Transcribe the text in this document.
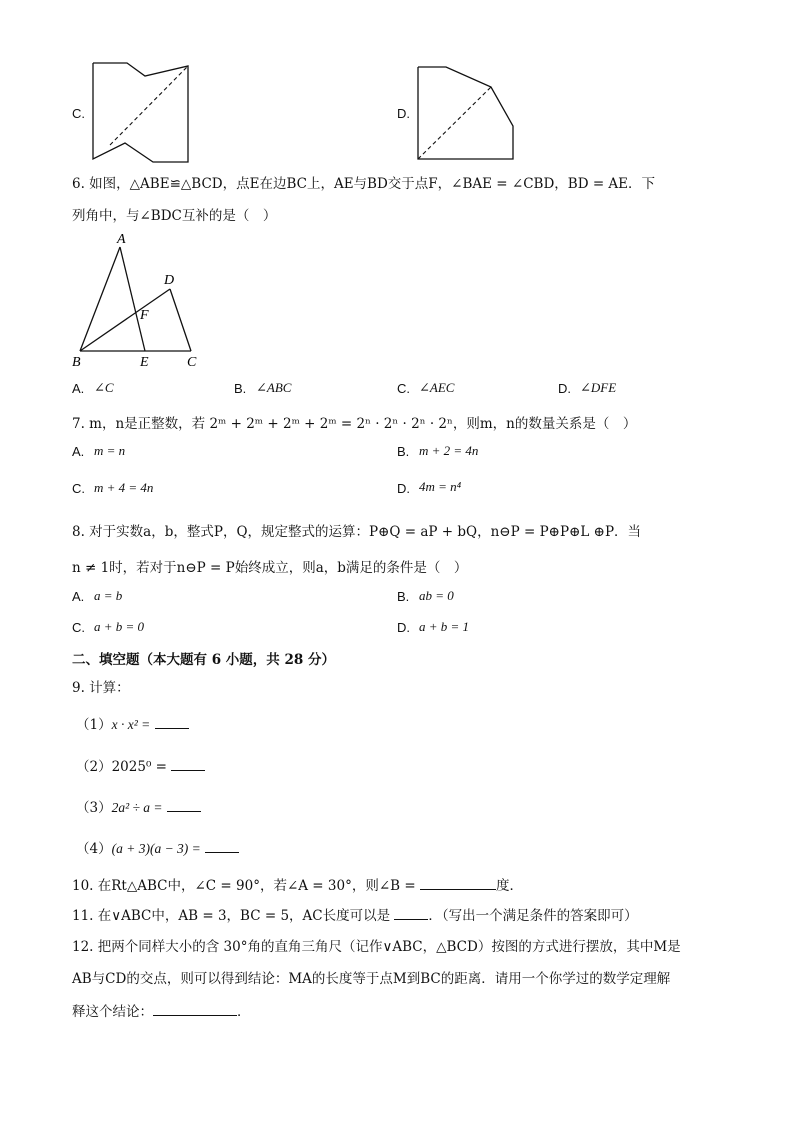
C.	D.
6. 如图，△ABE≌△BCD，点E在边BC上，AE与BD交于点F，∠BAE = ∠CBD，BD = AE．下
列角中，与∠BDC互补的是（　）
A
B	C
D
E
F
A. ∠C	B. ∠ABC	C. ∠AEC	D. ∠DFE
7. m，n是正整数，若 2ᵐ + 2ᵐ + 2ᵐ + 2ᵐ = 2ⁿ · 2ⁿ · 2ⁿ · 2ⁿ，则m，n的数量关系是（　）
A. m = n	B. m + 2 = 4n
C. m + 4 = 4n	D. 4m = n⁴
8. 对于实数a，b，整式P，Q，规定整式的运算：P⊕Q = aP + bQ，n⊖P = P⊕P⊕L ⊕P．当
n ≠ 1时，若对于n⊖P = P始终成立，则a，b满足的条件是（　）
A. a = b	B. ab = 0
C. a + b = 0	D. a + b = 1
二、填空题（本大题有 6 小题，共 28 分）
9. 计算：
（1）x · x² =
（2）2025⁰ =
（3）2a² ÷ a =
（4）(a + 3)(a − 3) =
10. 在Rt△ABC中，∠C = 90°，若∠A = 30°，则∠B =	度．
11. 在∨ABC中，AB = 3，BC = 5，AC长度可以是	．（写出一个满足条件的答案即可）
12. 把两个同样大小的含 30°角的直角三角尺（记作∨ABC，△BCD）按图的方式进行摆放，其中M是
AB与CD的交点，则可以得到结论：MA的长度等于点M到BC的距离．请用一个你学过的数学定理解
释这个结论：	．
